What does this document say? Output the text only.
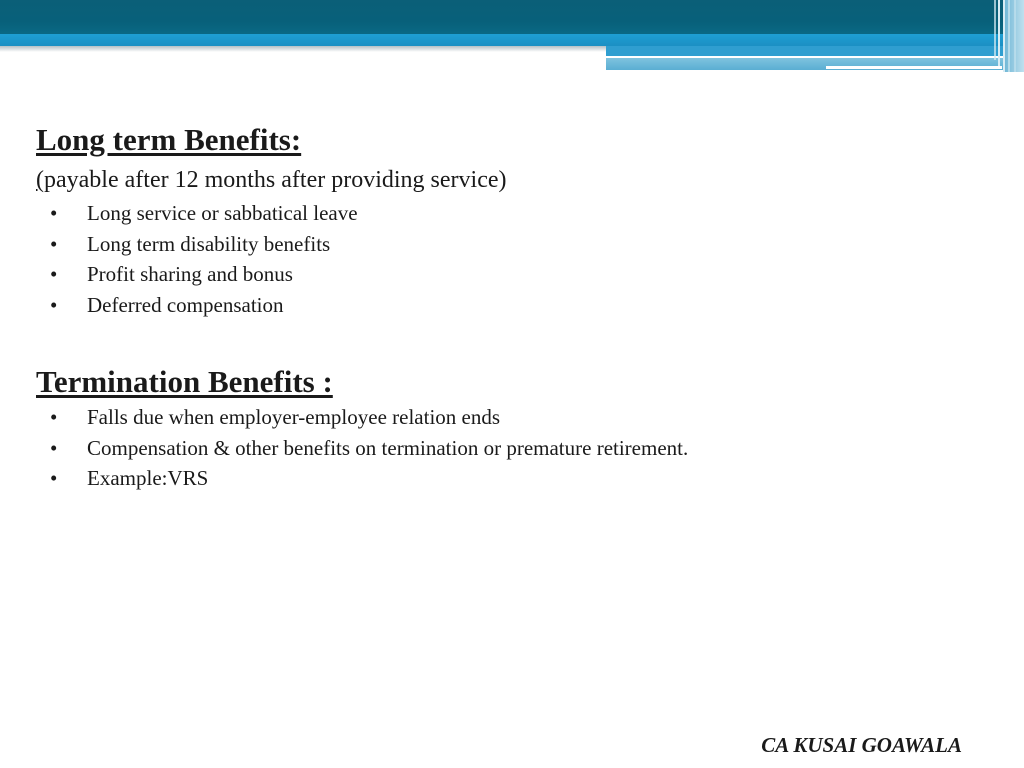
Long term Benefits:

(payable after 12 months after providing service)

• Long service or sabbatical leave
• Long term disability benefits
• Profit sharing and bonus
• Deferred compensation
Termination Benefits :
• Falls due when employer-employee relation ends
• Compensation & other benefits on termination or premature retirement.
• Example:VRS
CA KUSAI GOAWALA
